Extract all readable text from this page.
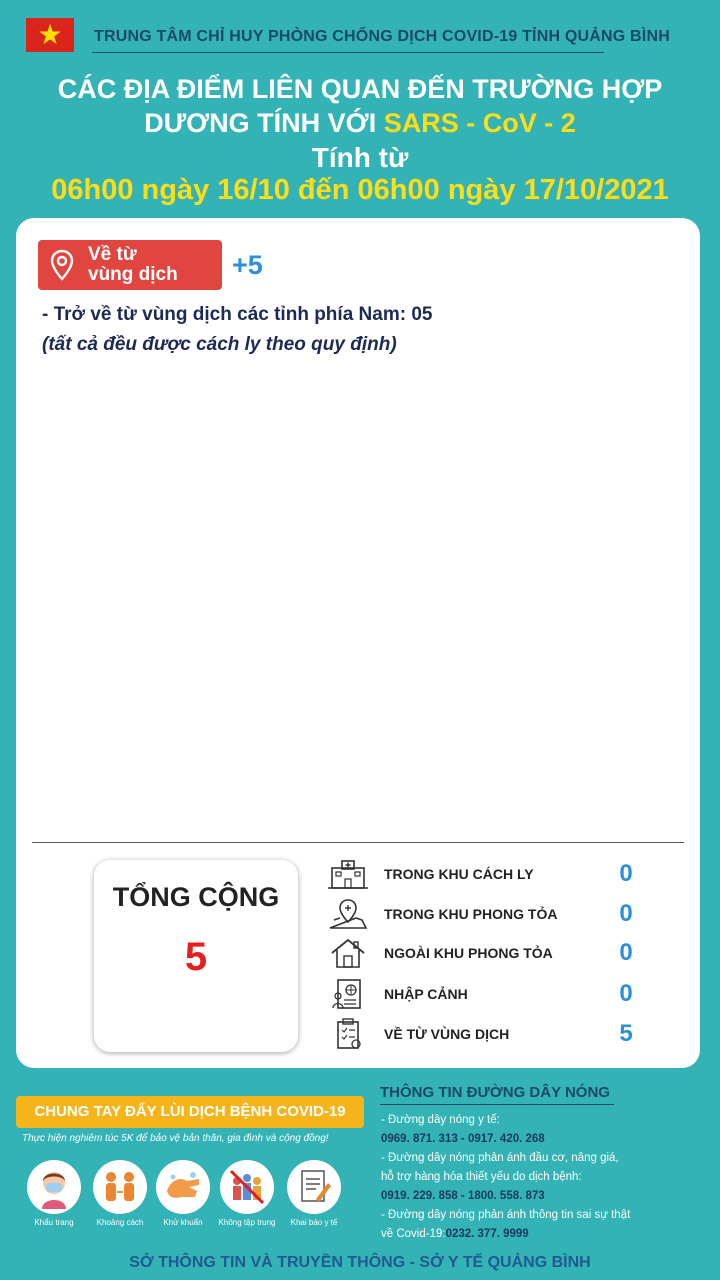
★ TRUNG TÂM CHỈ HUY PHÒNG CHỐNG DỊCH COVID-19 TỈNH QUẢNG BÌNH
CÁC ĐỊA ĐIỂM LIÊN QUAN ĐẾN TRƯỜNG HỢP
DƯƠNG TÍNH VỚI SARS - CoV - 2
Tính từ
06h00 ngày 16/10 đến 06h00 ngày 17/10/2021
Về từ
vùng dịch +5
- Trở về từ vùng dịch các tỉnh phía Nam: 05
(tất cả đều được cách ly theo quy định)
TỔNG CỘNG
5
TRONG KHU CÁCH LY	0
TRONG KHU PHONG TỎA	0
NGOÀI KHU PHONG TỎA	0
NHẬP CẢNH	0
VỀ TỪ VÙNG DỊCH	5
CHUNG TAY ĐẨY LÙI DỊCH BỆNH COVID-19
Thực hiện nghiêm túc 5K để bảo vệ bản thân, gia đình và cộng đồng!
Khẩu trang	Khoảng cách	Khử khuẩn	Không tập trung	Khai báo y tế
THÔNG TIN ĐƯỜNG DÂY NÓNG
- Đường dây nóng y tế:
0969. 871. 313 - 0917. 420. 268
- Đường dây nóng phản ánh đầu cơ, nâng giá,
hỗ trợ hàng hóa thiết yếu do dịch bệnh:
0919. 229. 858 - 1800. 558. 873
- Đường dây nóng phản ánh thông tin sai sự thật
về Covid-19:0232. 377. 9999
SỞ THÔNG TIN VÀ TRUYỀN THÔNG - SỞ Y TẾ QUẢNG BÌNH
